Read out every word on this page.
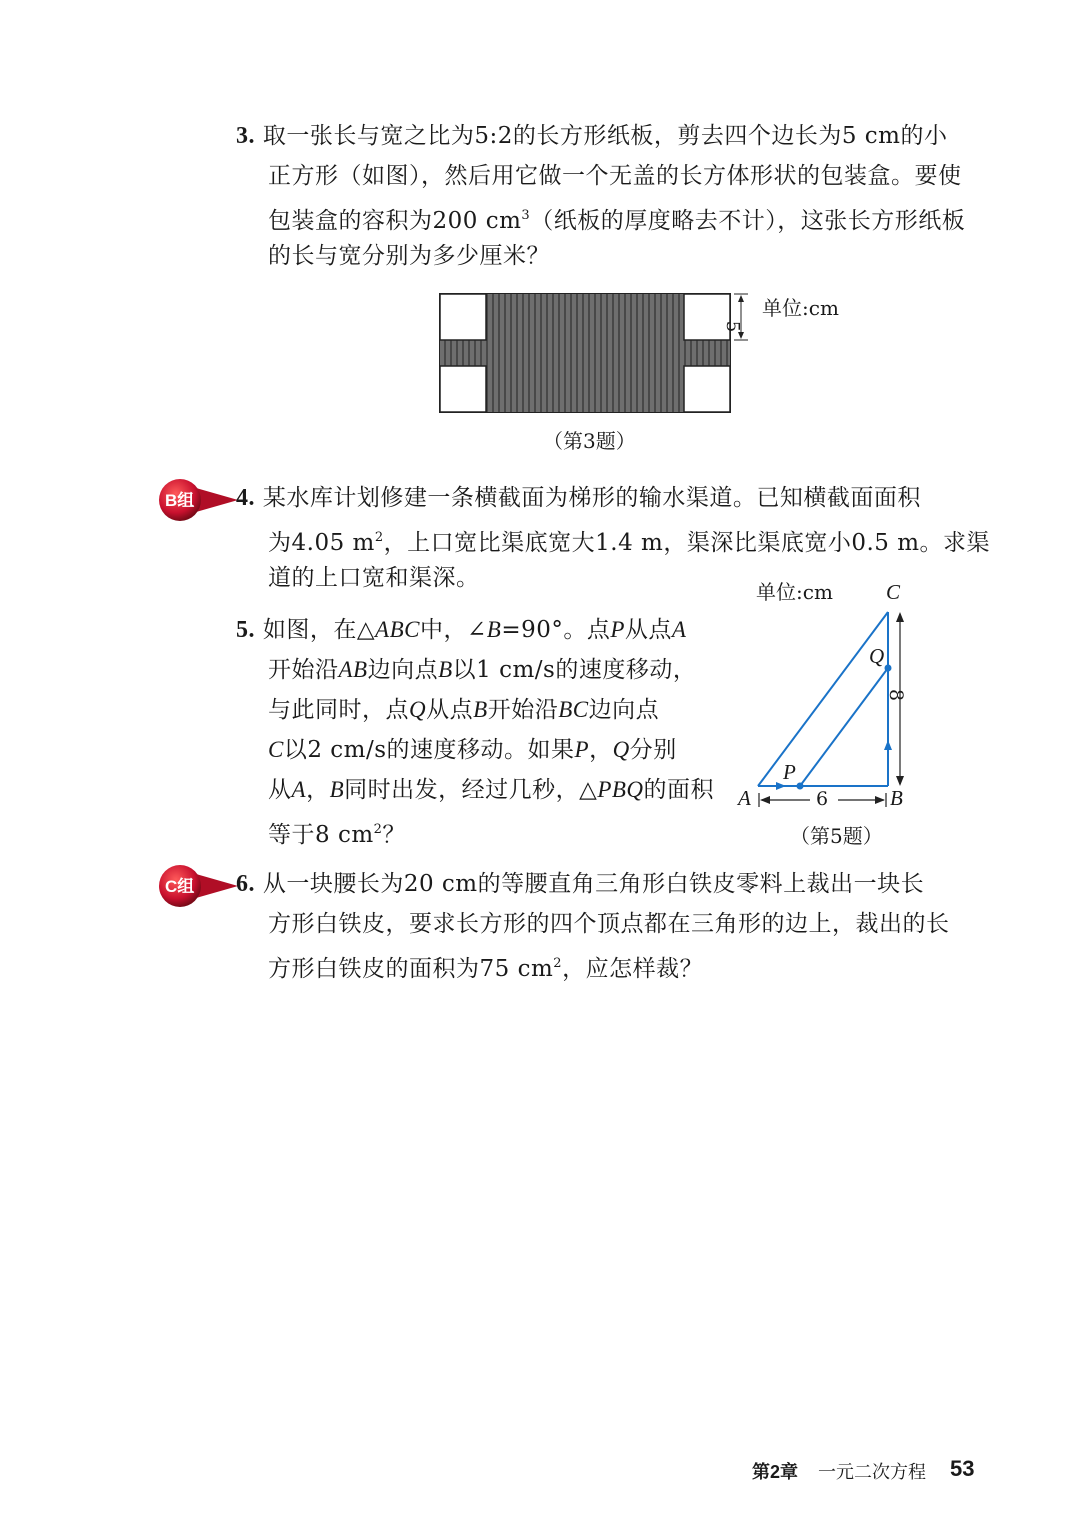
3. 取一张长与宽之比为5:2的长方形纸板，剪去四个边长为5 cm的小
正方形（如图），然后用它做一个无盖的长方体形状的包装盒。要使
包装盒的容积为200 $cm^3$（纸板的厚度略去不计），这张长方形纸板
的长与宽分别为多少厘米？
5
单位:cm
（第3题）
B组 4. 某水库计划修建一条横截面为梯形的输水渠道。已知横截面面积
为4.05 $m^2$，上口宽比渠底宽大1.4 m，渠深比渠底宽小0.5 m。求渠
道的上口宽和渠深。
5. 如图，在△ABC中，∠B=90°。点P从点A
开始沿AB边向点B以1 cm/s的速度移动，
与此同时，点Q从点B开始沿BC边向点
C以2 cm/s的速度移动。如果P，Q分别
从A，B同时出发，经过几秒，△PBQ的面积
等于8 $cm^2$？
单位:cm	C
Q
P
A	B
6
8
（第5题）
C组 6. 从一块腰长为20 cm的等腰直角三角形白铁皮零料上裁出一块长
方形白铁皮，要求长方形的四个顶点都在三角形的边上，裁出的长
方形白铁皮的面积为75 $cm^2$，应怎样裁？
第2章 一元二次方程 53
